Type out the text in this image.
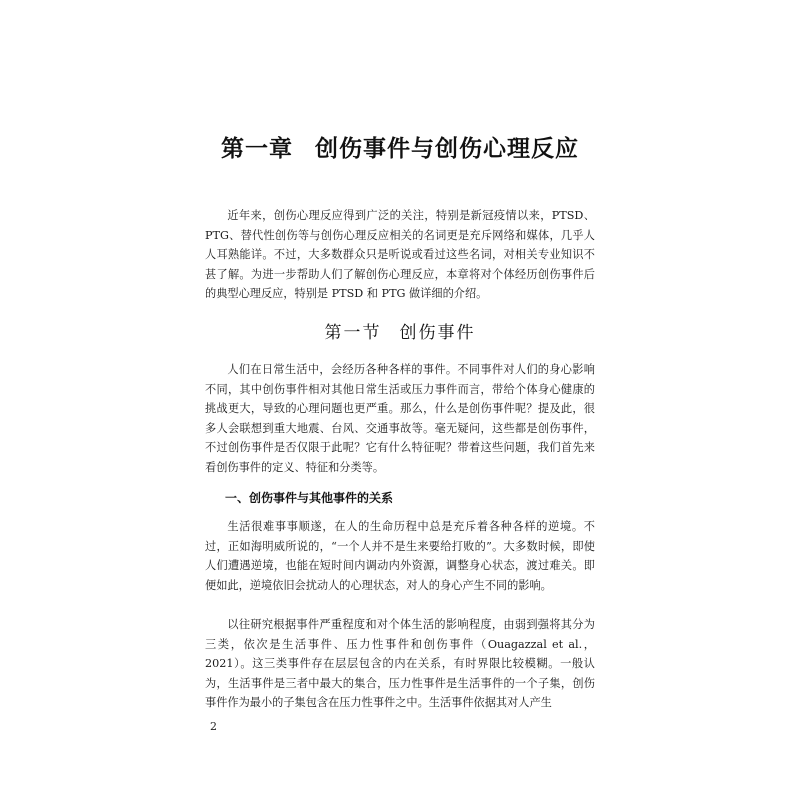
第一章 创伤事件与创伤心理反应
近年来，创伤心理反应得到广泛的关注，特别是新冠疫情以来，PTSD、PTG、替代性创伤等与创伤心理反应相关的名词更是充斥网络和媒体，几乎人人耳熟能详。不过，大多数群众只是听说或看过这些名词，对相关专业知识不甚了解。为进一步帮助人们了解创伤心理反应，本章将对个体经历创伤事件后的典型心理反应，特别是 PTSD 和 PTG 做详细的介绍。
第一节 创伤事件
人们在日常生活中，会经历各种各样的事件。不同事件对人们的身心影响不同，其中创伤事件相对其他日常生活或压力事件而言，带给个体身心健康的挑战更大，导致的心理问题也更严重。那么，什么是创伤事件呢？提及此，很多人会联想到重大地震、台风、交通事故等。毫无疑问，这些都是创伤事件，不过创伤事件是否仅限于此呢？它有什么特征呢？带着这些问题，我们首先来看创伤事件的定义、特征和分类等。
一、创伤事件与其他事件的关系
生活很难事事顺遂，在人的生命历程中总是充斥着各种各样的逆境。不过，正如海明威所说的，“一个人并不是生来要给打败的”。大多数时候，即使人们遭遇逆境，也能在短时间内调动内外资源，调整身心状态，渡过难关。即便如此，逆境依旧会扰动人的心理状态，对人的身心产生不同的影响。
以往研究根据事件严重程度和对个体生活的影响程度，由弱到强将其分为三类，依次是生活事件、压力性事件和创伤事件（Ouagazzal et al.，2021）。这三类事件存在层层包含的内在关系，有时界限比较模糊。一般认为，生活事件是三者中最大的集合，压力性事件是生活事件的一个子集，创伤事件作为最小的子集包含在压力性事件之中。生活事件依据其对人产生
2
